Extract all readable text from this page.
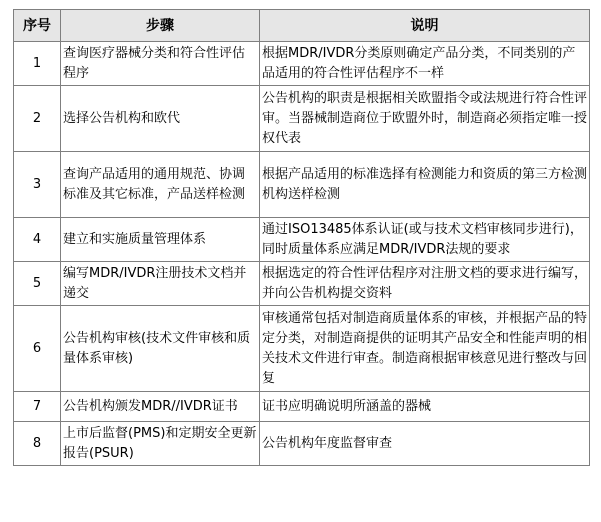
序号	步骤	说明
1	查询医疗器械分类和符合性评估程序	根据MDR/IVDR分类原则确定产品分类，不同类别的产品适用的符合性评估程序不一样
2	选择公告机构和欧代	公告机构的职责是根据相关欧盟指令或法规进行符合性评审。当器械制造商位于欧盟外时，制造商必须指定唯一授权代表
3	查询产品适用的通用规范、协调标准及其它标准，产品送样检测	根据产品适用的标准选择有检测能力和资质的第三方检测机构送样检测
4	建立和实施质量管理体系	通过ISO13485体系认证(或与技术文档审核同步进行)，同时质量体系应满足MDR/IVDR法规的要求
5	编写MDR/IVDR注册技术文档并递交	根据选定的符合性评估程序对注册文档的要求进行编写，并向公告机构提交资料
6	公告机构审核(技术文件审核和质量体系审核)	审核通常包括对制造商质量体系的审核，并根据产品的特定分类，对制造商提供的证明其产品安全和性能声明的相关技术文件进行审查。制造商根据审核意见进行整改与回复
7	公告机构颁发MDR//IVDR证书	证书应明确说明所涵盖的器械
8	上市后监督(PMS)和定期安全更新报告(PSUR)	公告机构年度监督审查
